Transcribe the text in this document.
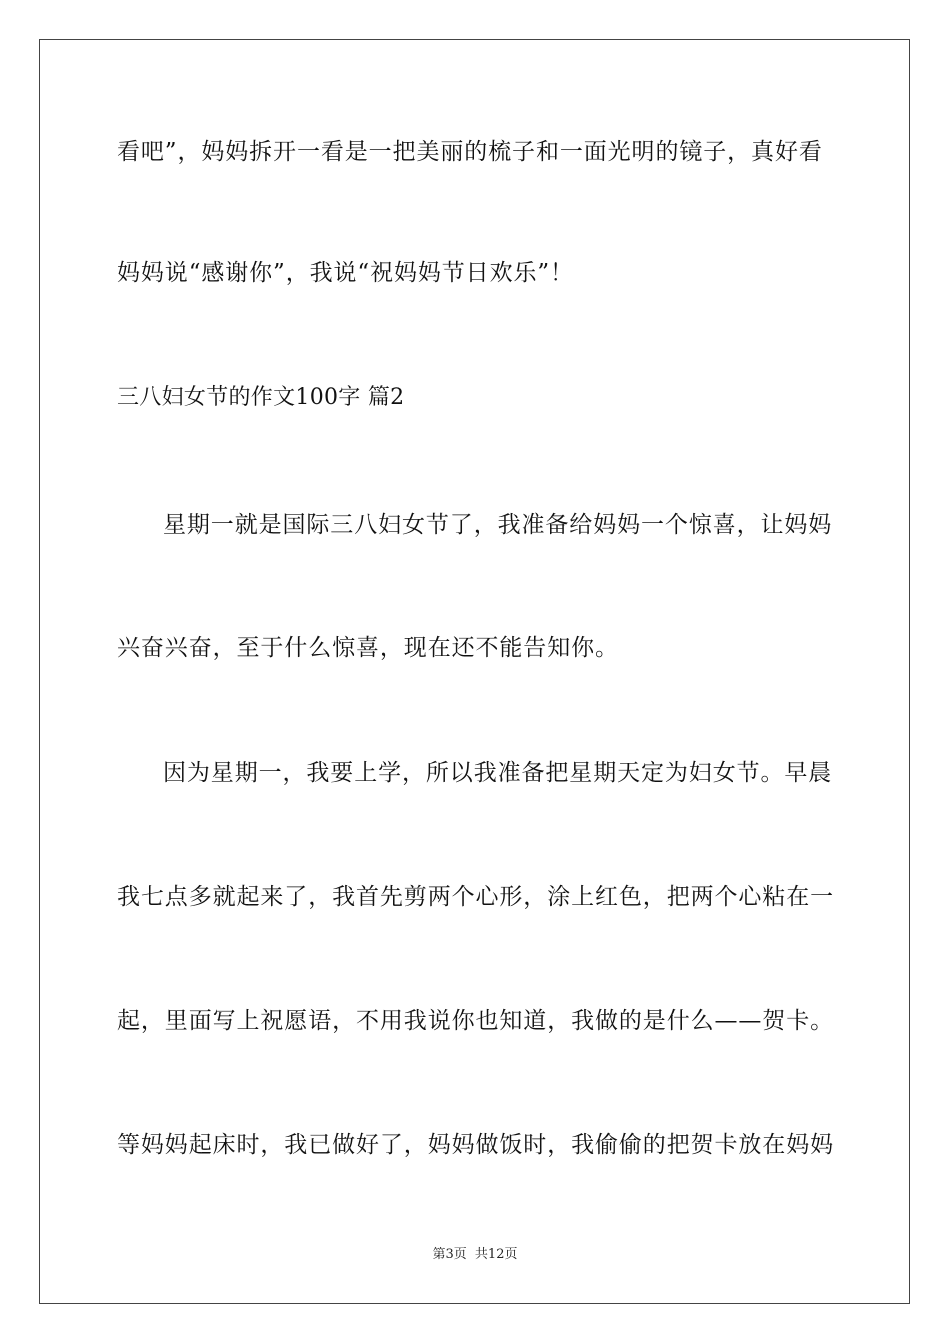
看吧”，妈妈拆开一看是一把美丽的梳子和一面光明的镜子，真好看
妈妈说“感谢你”，我说“祝妈妈节日欢乐”！
三八妇女节的作文100字 篇2
星期一就是国际三八妇女节了，我准备给妈妈一个惊喜，让妈妈
兴奋兴奋，至于什么惊喜，现在还不能告知你。
因为星期一，我要上学，所以我准备把星期天定为妇女节。早晨
我七点多就起来了，我首先剪两个心形，涂上红色，把两个心粘在一
起，里面写上祝愿语，不用我说你也知道，我做的是什么——贺卡。
等妈妈起床时，我已做好了，妈妈做饭时，我偷偷的把贺卡放在妈妈
第3页 共12页
